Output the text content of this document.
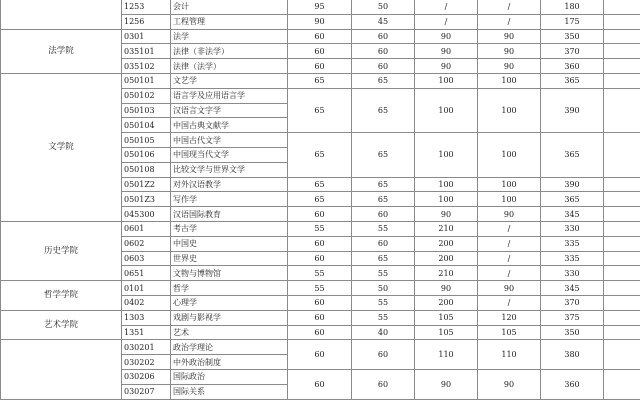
	1253	会计	95	50	/	/	180	
	1256	工程管理	90	45	/	/	175	
法学院	0301	法学	60	60	90	90	350	
	035101	法律（非法学）	60	60	90	90	370	
	035102	法律（法学）	60	60	90	90	360	
文学院	050101	文艺学	65	65	100	100	365	
	050102	语言学及应用语言学	65	65	100	100	390	
	050103	汉语言文字学						
	050104	中国古典文献学						
	050105	中国古代文学	65	65	100	100	365	
	050106	中国现当代文学						
	050108	比较文学与世界文学						
	0501Z2	对外汉语教学	65	65	100	100	390	
	0501Z3	写作学	65	65	100	100	365	
	045300	汉语国际教育	60	60	90	90	345	
历史学院	0601	考古学	55	55	210	/	330	
	0602	中国史	60	60	200	/	335	
	0603	世界史	60	65	200	/	335	
	0651	文物与博物馆	55	55	210	/	330	
哲学学院	0101	哲学	55	50	90	90	345	
	0402	心理学	60	55	200	/	370	
艺术学院	1303	戏剧与影视学	60	55	105	120	375	
	1351	艺术	60	40	105	105	350	
	030201	政治学理论	60	60	110	110	380	
	030202	中外政治制度						
	030206	国际政治	60	60	90	90	360	
	030207	国际关系						
